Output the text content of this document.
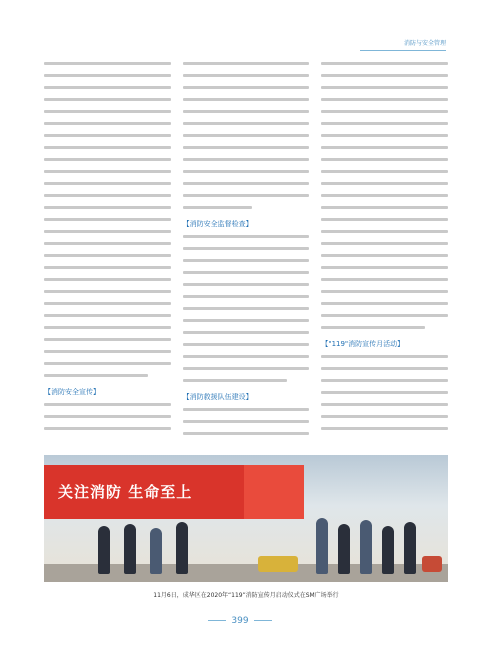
消防与安全管理
【消防安全宣传】
【消防安全监督检查】
【消防救援队伍建设】
【"119"消防宣传月活动】
关注消防 生命至上
11月6日，成华区在2020年“119”消防宣传月启动仪式在SM广场举行
399
